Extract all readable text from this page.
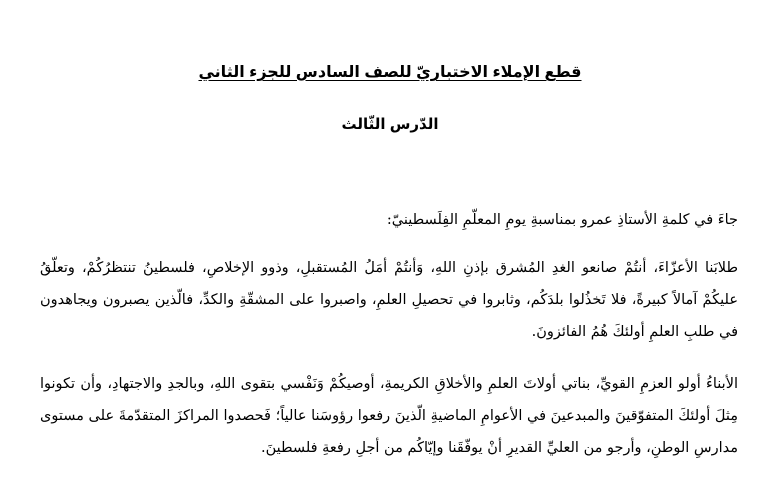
قطع الإملاء الاختباريّ للصف السادس للجزء الثاني
الدّرس الثّالث

جاءَ في كلمةِ الأستاذِ عمرو بمناسبةِ يومِ المعلّمِ الفِلَسطينيّ:

طلابَنا الأعزّاءَ، أنتُمْ صانعو الغدِ المُشرق بإذنِ اللهِ، وَأنتُمْ أمَلُ المُستقبلِ، وذوو الإخلاصِ، فلسطينُ تنتظرُكُمْ، وتعلّقُ عليكُمْ آمالاً كبيرةً، فلا تَخذُلوا بلدَكُم، وثابروا في تحصيلِ العلمِ، واصبروا على المشقّةِ والكدِّ، فالّذين يصبرون ويجاهدون في طلبِ العلمِ أولئكَ هُمُ الفائزونَ.

الأبناءُ أولو العزمِ القويِّ، بناتي أولاتَ العلمِ والأخلاقِ الكريمةِ، أوصيكُمْ وَنَفْسي بتقوى اللهِ، وبالجدِ والاجتهادِ، وأن تكونوا مِثلَ أولئكَ المتفوّقينَ والمبدعينَ في الأعوامِ الماضيةِ الّذينَ رفعوا رؤوسَنا عالياً؛ فَحصدوا المراكزَ المتقدّمةَ على مستوى مدارسِ الوطنِ، وأرجو من العليِّ القديرِ أنْ يوفّقَنا وإيّاكُم من أجلِ رفعةِ فلسطينَ.
